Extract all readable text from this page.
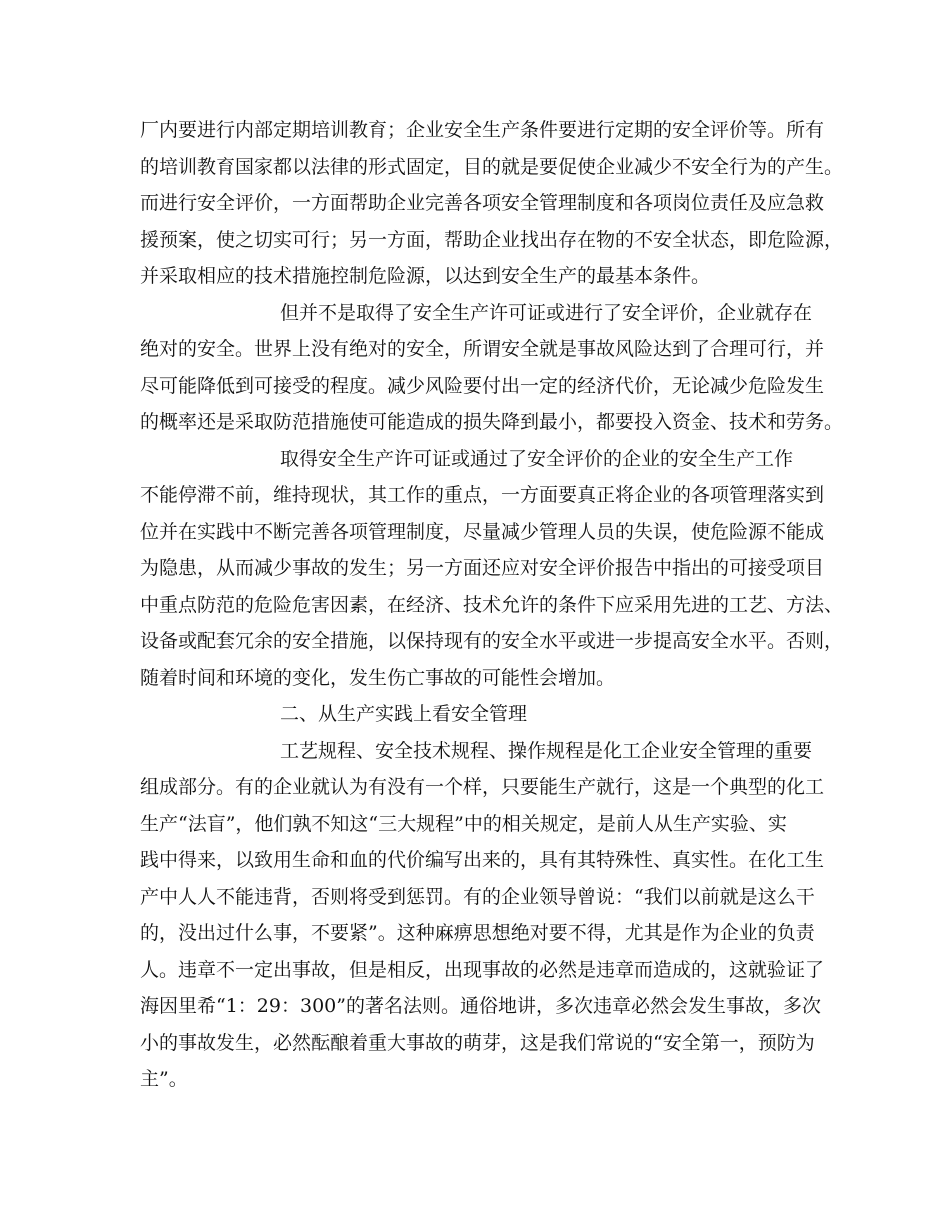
厂内要进行内部定期培训教育；企业安全生产条件要进行定期的安全评价等。所有
的培训教育国家都以法律的形式固定，目的就是要促使企业减少不安全行为的产生。
而进行安全评价，一方面帮助企业完善各项安全管理制度和各项岗位责任及应急救
援预案，使之切实可行；另一方面，帮助企业找出存在物的不安全状态，即危险源，
并采取相应的技术措施控制危险源，以达到安全生产的最基本条件。
但并不是取得了安全生产许可证或进行了安全评价，企业就存在
绝对的安全。世界上没有绝对的安全，所谓安全就是事故风险达到了合理可行，并
尽可能降低到可接受的程度。减少风险要付出一定的经济代价，无论减少危险发生
的概率还是采取防范措施使可能造成的损失降到最小，都要投入资金、技术和劳务。
取得安全生产许可证或通过了安全评价的企业的安全生产工作
不能停滞不前，维持现状，其工作的重点，一方面要真正将企业的各项管理落实到
位并在实践中不断完善各项管理制度，尽量减少管理人员的失误，使危险源不能成
为隐患，从而减少事故的发生；另一方面还应对安全评价报告中指出的可接受项目
中重点防范的危险危害因素，在经济、技术允许的条件下应采用先进的工艺、方法、
设备或配套冗余的安全措施，以保持现有的安全水平或进一步提高安全水平。否则，
随着时间和环境的变化，发生伤亡事故的可能性会增加。
二、从生产实践上看安全管理
工艺规程、安全技术规程、操作规程是化工企业安全管理的重要
组成部分。有的企业就认为有没有一个样，只要能生产就行，这是一个典型的化工
生产“法盲”，他们孰不知这“三大规程”中的相关规定，是前人从生产实验、实
践中得来，以致用生命和血的代价编写出来的，具有其特殊性、真实性。在化工生
产中人人不能违背，否则将受到惩罚。有的企业领导曾说：“我们以前就是这么干
的，没出过什么事，不要紧”。这种麻痹思想绝对要不得，尤其是作为企业的负责
人。违章不一定出事故，但是相反，出现事故的必然是违章而造成的，这就验证了
海因里希“1：29：300”的著名法则。通俗地讲，多次违章必然会发生事故，多次
小的事故发生，必然酝酿着重大事故的萌芽，这是我们常说的“安全第一，预防为
主”。
